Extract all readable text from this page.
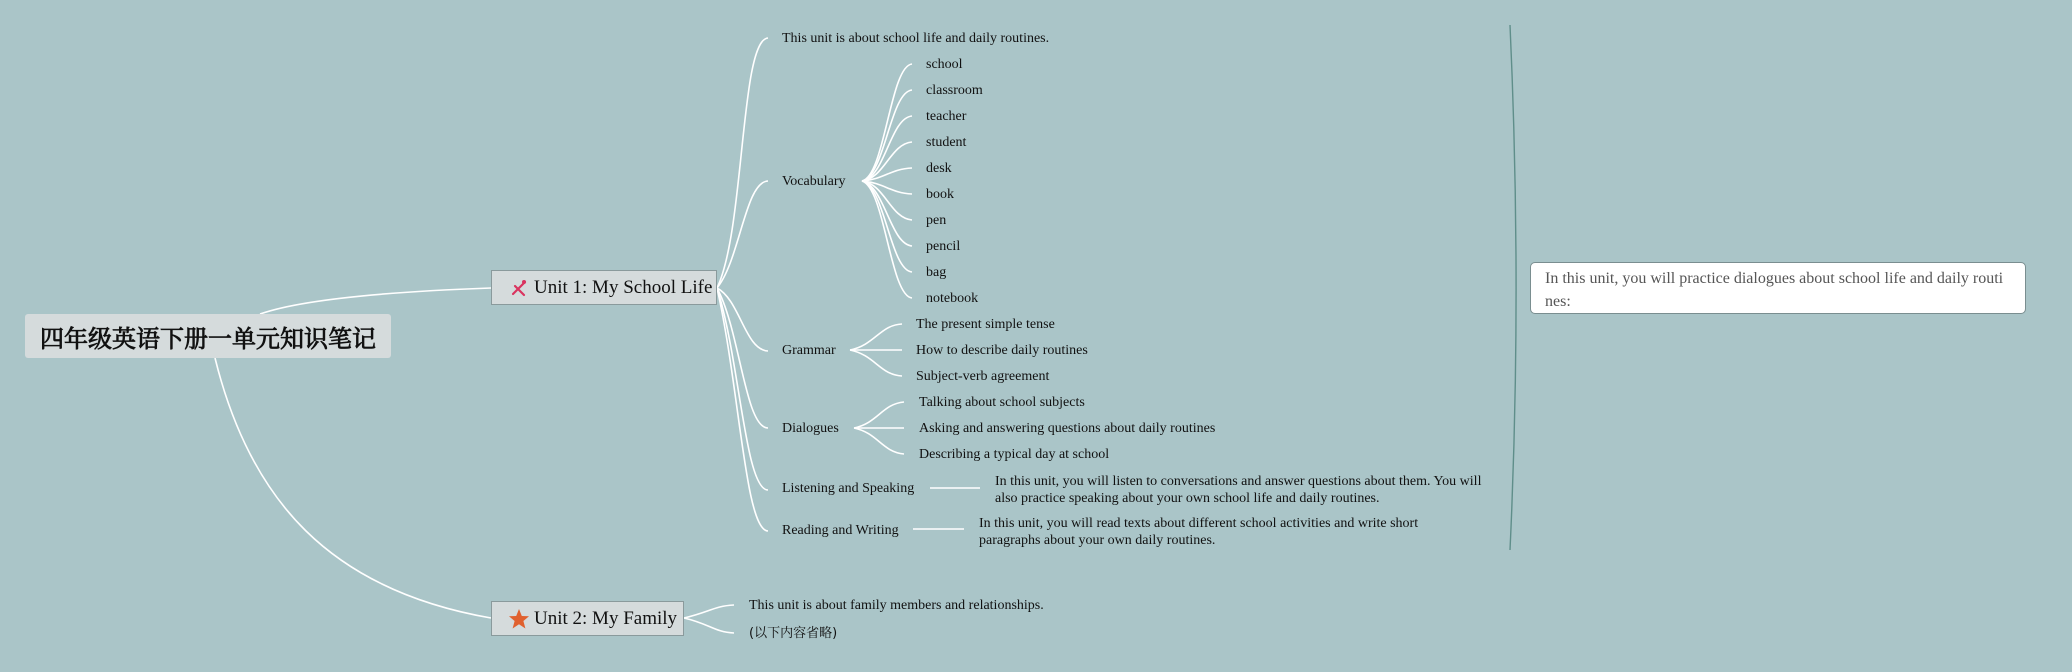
四年级英语下册一单元知识笔记
Unit 1: My School Life
Unit 2: My Family
This unit is about school life and daily routines.
Vocabulary
school
classroom
teacher
student
desk
book
pen
pencil
bag
notebook
Grammar
The present simple tense
How to describe daily routines
Subject-verb agreement
Dialogues
Talking about school subjects
Asking and answering questions about daily routines
Describing a typical day at school
Listening and Speaking	In this unit, you will listen to conversations and answer questions about them. You will also practice speaking about your own school life and daily routines.
Reading and Writing	In this unit, you will read texts about different school activities and write short paragraphs about your own daily routines.
In this unit, you will practice dialogues about school life and daily routines:
This unit is about family members and relationships.
(以下内容省略)
